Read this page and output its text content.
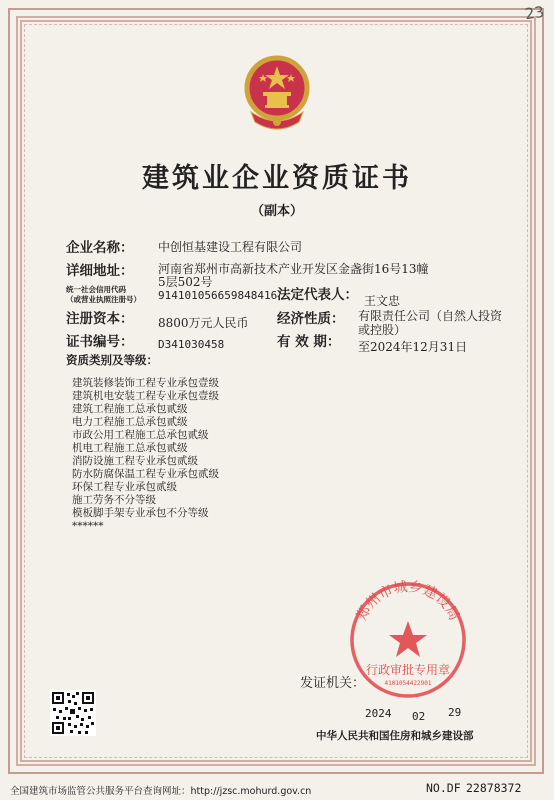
23
建筑业企业资质证书
（副本）
企业名称： 中创恒基建设工程有限公司
详细地址： 河南省郑州市高新技术产业开发区金盏街16号13幢
5层502号
统一社会信用代码
（或营业执照注册号） 914101056659848416 法定代表人： 王文忠
注册资本： 8800万元人民币 经济性质： 有限责任公司（自然人投资
或控股）
证书编号： D341030458	有 效 期： 至2024年12月31日
资质类别及等级：
建筑装修装饰工程专业承包壹级
建筑机电安装工程专业承包壹级
建筑工程施工总承包贰级
电力工程施工总承包贰级
市政公用工程施工总承包贰级
机电工程施工总承包贰级
消防设施工程专业承包贰级
防水防腐保温工程专业承包贰级
环保工程专业承包贰级
施工劳务不分等级
模板脚手架专业承包不分等级
******
郑州市城乡建设局
行政审批专用章
4101054422901
发证机关：
2024 02 29
中华人民共和国住房和城乡建设部
全国建筑市场监管公共服务平台查询网址：http://jzsc.mohurd.gov.cn	NO.DF 22878372
